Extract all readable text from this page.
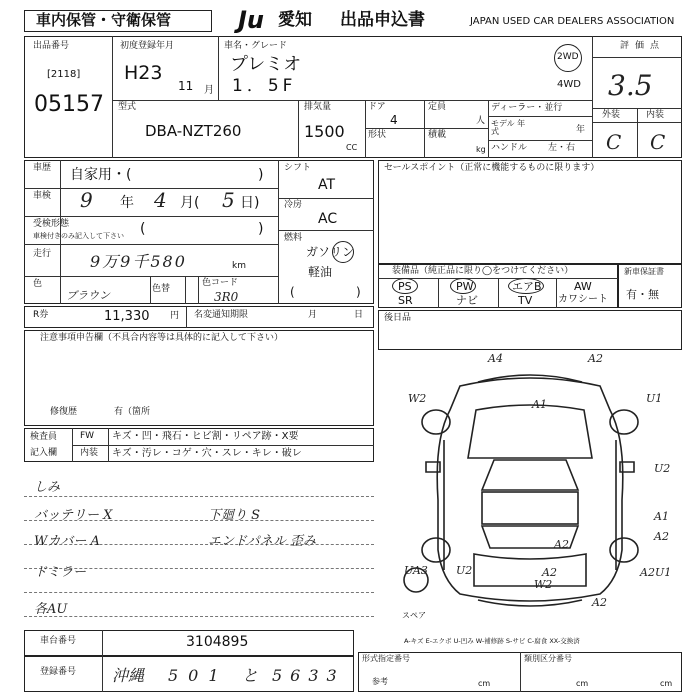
車内保管・守衛保管	Ju 愛知 出品申込書	JAPAN USED CAR DEALERS ASSOCIATION
出品番号
[2118]
05157
初度登録年月
H23
11 月
車名・グレード
プレミオ
1．5F
2WD
4WD
評価点
3.5
外装	内装
C C
型式
DBA-NZT260
排気量
1500
CC
ドア
4
形状
定員
人
積載
kg
ディーラー・並行
モデル 年式	年
ハンドル 左・右
車歴 自家用・(	)
車検 9 年 4 月( 5 日)
受検形態
車検付きのみ記入して下さい (	)
走行 9万9千580	km
色
ブラウン	色替
色コード
3R0
シフト
AT
冷房
AC
燃料
ガソリン
軽油
(	)
セールスポイント（正常に機能するものに限ります）
装備品（純正品に限り◯をつけてください）
PS	PW	エアB	AW
SR	ナビ	TV	カワシート
新車保証書
有・無
R券	11,330 円 名変通知期限	月	日 後日品
注意事項申告欄（不具合内容等は具体的に記入して下さい）
修復歴	有（箇所
検査員
記入欄
FW キズ・凹・飛石・ヒビ割・リペア跡・X要
内装 キズ・汚レ・コゲ・穴・スレ・キレ・破レ
しみ
バッテリー X
Wカバー A
ドミラー
各AU
下廻り S
エンドパネル 歪み
A4	A2
W2	A1	U1
U2
A1
A2
A2
W2
A2
A2U1
UA3	U2
A2
スペア
A-キズ E-エクボ U-凹み W-補修跡 S-サビ C-腐食 XX-交換済
車台番号	3104895
登録番号 沖縄 501 と 5633
形式指定番号	類別区分番号
参考	cm	cm	cm
